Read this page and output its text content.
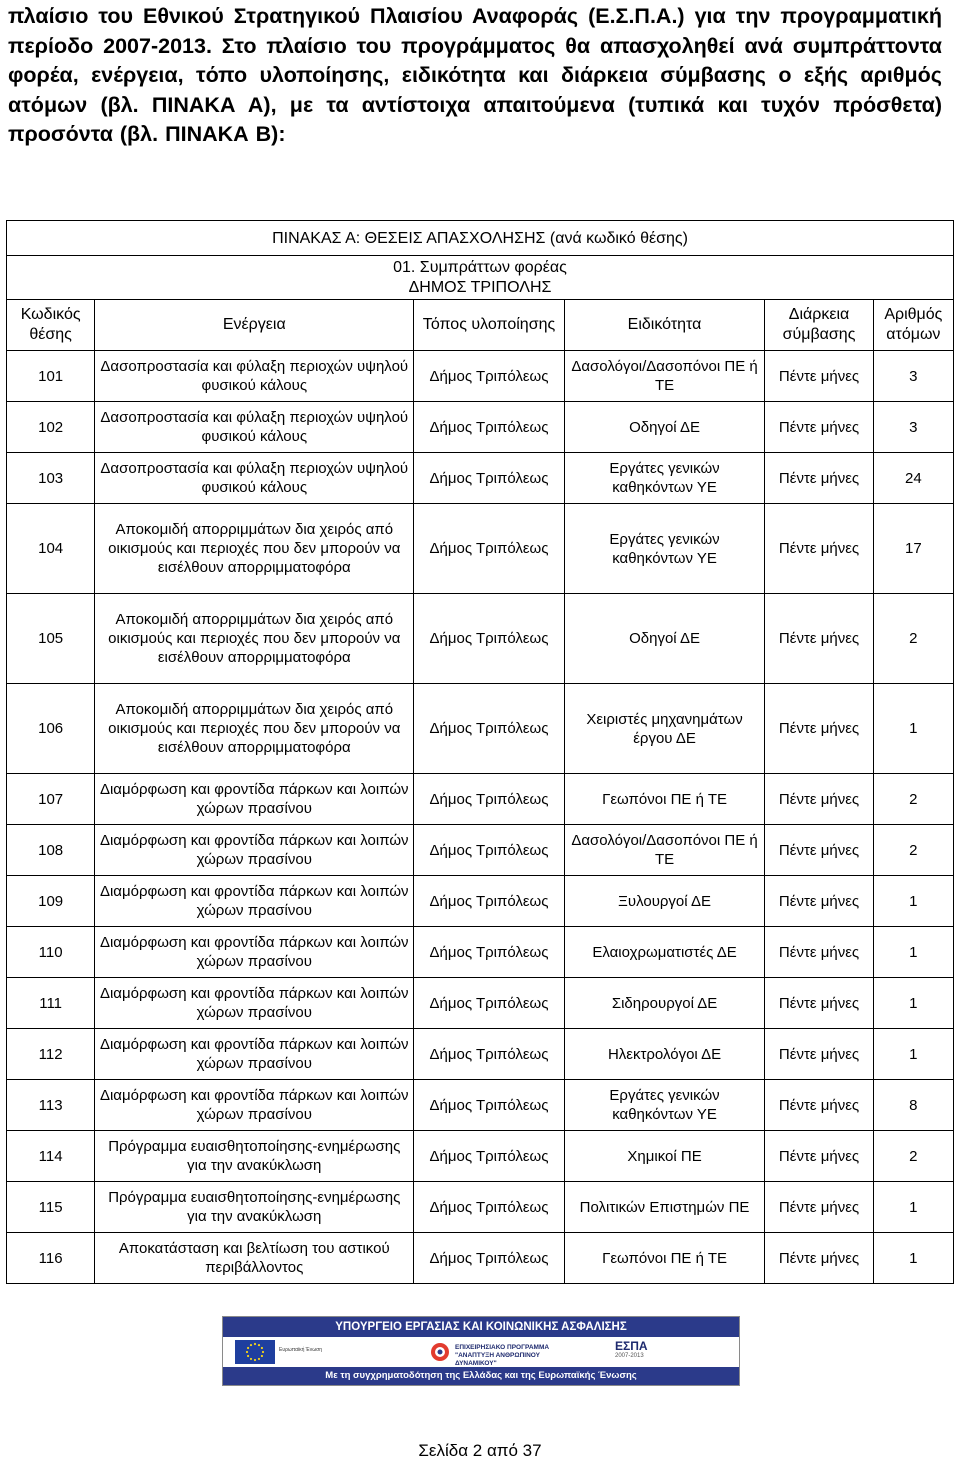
πλαίσιο του Εθνικού Στρατηγικού Πλαισίου Αναφοράς (Ε.Σ.Π.Α.) για την προγραμματική περίοδο 2007-2013. Στο πλαίσιο του προγράμματος θα απασχοληθεί ανά συμπράττοντα φορέα, ενέργεια, τόπο υλοποίησης, ειδικότητα και διάρκεια σύμβασης ο εξής αριθμός ατόμων (βλ. ΠΙΝΑΚΑ Α), με τα αντίστοιχα απαιτούμενα (τυπικά και τυχόν πρόσθετα) προσόντα (βλ. ΠΙΝΑΚΑ Β):
ΠΙΝΑΚΑΣ Α: ΘΕΣΕΙΣ ΑΠΑΣΧΟΛΗΣΗΣ (ανά κωδικό θέσης)					

01. Συμπράττων φορέας
ΔΗΜΟΣ ΤΡΙΠΟΛΗΣ					

Κωδικός θέσης	Ενέργεια	Τόπος υλοποίησης	Ειδικότητα	Διάρκεια σύμβασης	Αριθμός ατόμων
101	Δασοπροστασία και φύλαξη περιοχών υψηλού φυσικού κάλους	Δήμος Τριπόλεως	Δασολόγοι/Δασοπόνοι ΠΕ ή ΤΕ	Πέντε μήνες	3
102	Δασοπροστασία και φύλαξη περιοχών υψηλού φυσικού κάλους	Δήμος Τριπόλεως	Οδηγοί ΔΕ	Πέντε μήνες	3
103	Δασοπροστασία και φύλαξη περιοχών υψηλού φυσικού κάλους	Δήμος Τριπόλεως	Εργάτες γενικών καθηκόντων ΥΕ	Πέντε μήνες	24
104	Αποκομιδή απορριμμάτων δια χειρός από οικισμούς και περιοχές που δεν μπορούν να εισέλθουν απορριμματοφόρα	Δήμος Τριπόλεως	Εργάτες γενικών καθηκόντων ΥΕ	Πέντε μήνες	17
105	Αποκομιδή απορριμμάτων δια χειρός από οικισμούς και περιοχές που δεν μπορούν να εισέλθουν απορριμματοφόρα	Δήμος Τριπόλεως	Οδηγοί ΔΕ	Πέντε μήνες	2
106	Αποκομιδή απορριμμάτων δια χειρός από οικισμούς και περιοχές που δεν μπορούν να εισέλθουν απορριμματοφόρα	Δήμος Τριπόλεως	Χειριστές μηχανημάτων έργου ΔΕ	Πέντε μήνες	1
107	Διαμόρφωση και φροντίδα πάρκων και λοιπών χώρων πρασίνου	Δήμος Τριπόλεως	Γεωπόνοι ΠΕ ή ΤΕ	Πέντε μήνες	2
108	Διαμόρφωση και φροντίδα πάρκων και λοιπών χώρων πρασίνου	Δήμος Τριπόλεως	Δασολόγοι/Δασοπόνοι ΠΕ ή ΤΕ	Πέντε μήνες	2
109	Διαμόρφωση και φροντίδα πάρκων και λοιπών χώρων πρασίνου	Δήμος Τριπόλεως	Ξυλουργοί ΔΕ	Πέντε μήνες	1
110	Διαμόρφωση και φροντίδα πάρκων και λοιπών χώρων πρασίνου	Δήμος Τριπόλεως	Ελαιοχρωματιστές ΔΕ	Πέντε μήνες	1
111	Διαμόρφωση και φροντίδα πάρκων και λοιπών χώρων πρασίνου	Δήμος Τριπόλεως	Σιδηρουργοί ΔΕ	Πέντε μήνες	1
112	Διαμόρφωση και φροντίδα πάρκων και λοιπών χώρων πρασίνου	Δήμος Τριπόλεως	Ηλεκτρολόγοι ΔΕ	Πέντε μήνες	1
113	Διαμόρφωση και φροντίδα πάρκων και λοιπών χώρων πρασίνου	Δήμος Τριπόλεως	Εργάτες γενικών καθηκόντων ΥΕ	Πέντε μήνες	8
114	Πρόγραμμα ευαισθητοποίησης-ενημέρωσης για την ανακύκλωση	Δήμος Τριπόλεως	Χημικοί ΠΕ	Πέντε μήνες	2
115	Πρόγραμμα ευαισθητοποίησης-ενημέρωσης για την ανακύκλωση	Δήμος Τριπόλεως	Πολιτικών Επιστημών ΠΕ	Πέντε μήνες	1
116	Αποκατάσταση και βελτίωση του αστικού περιβάλλοντος	Δήμος Τριπόλεως	Γεωπόνοι ΠΕ ή ΤΕ	Πέντε μήνες	1
ΥΠΟΥΡΓΕΙΟ ΕΡΓΑΣΙΑΣ ΚΑΙ ΚΟΙΝΩΝΙΚΗΣ ΑΣΦΑΛΙΣΗΣ
Ευρωπαϊκή Ένωση	ΕΠΙΧΕΙΡΗΣΙΑΚΟ ΠΡΟΓΡΑΜΜΑ
"ΑΝΑΠΤΥΞΗ ΑΝΘΡΩΠΙΝΟΥ ΔΥΝΑΜΙΚΟΥ"
ΕΣΠΑ
2007-2013
Με τη συγχρηματοδότηση της Ελλάδας και της Ευρωπαϊκής Ένωσης
Σελίδα 2 από 37
